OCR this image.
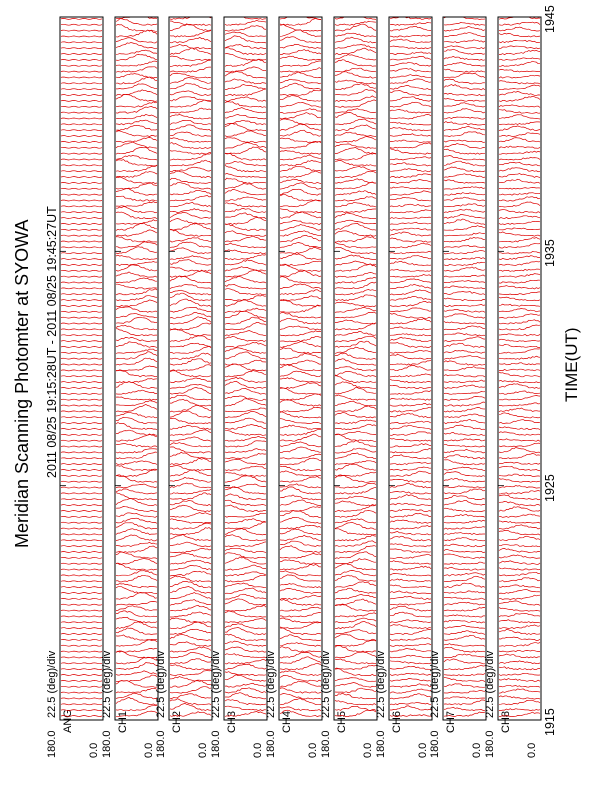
Meridian Scanning Photomter at SYOWA 2011 08/25 19:15:28UT - 2011 08/25 19:45:27UT	TIME(UT)
1915
1925
1935
1945
22.5 (deg)/div
180.0
ANG
0.0
22.5 (deg)/div
180.0
CH1
0.0
22.5 (deg)/div
180.0
CH2
0.0
22.5 (deg)/div
180.0
CH3
0.0
22.5 (deg)/div
180.0
CH4
0.0
22.5 (deg)/div
180.0
CH5
0.0
22.5 (deg)/div
180.0
CH6
0.0
22.5 (deg)/div
180.0
CH7
0.0
22.5 (deg)/div
180.0
CH8
0.0
